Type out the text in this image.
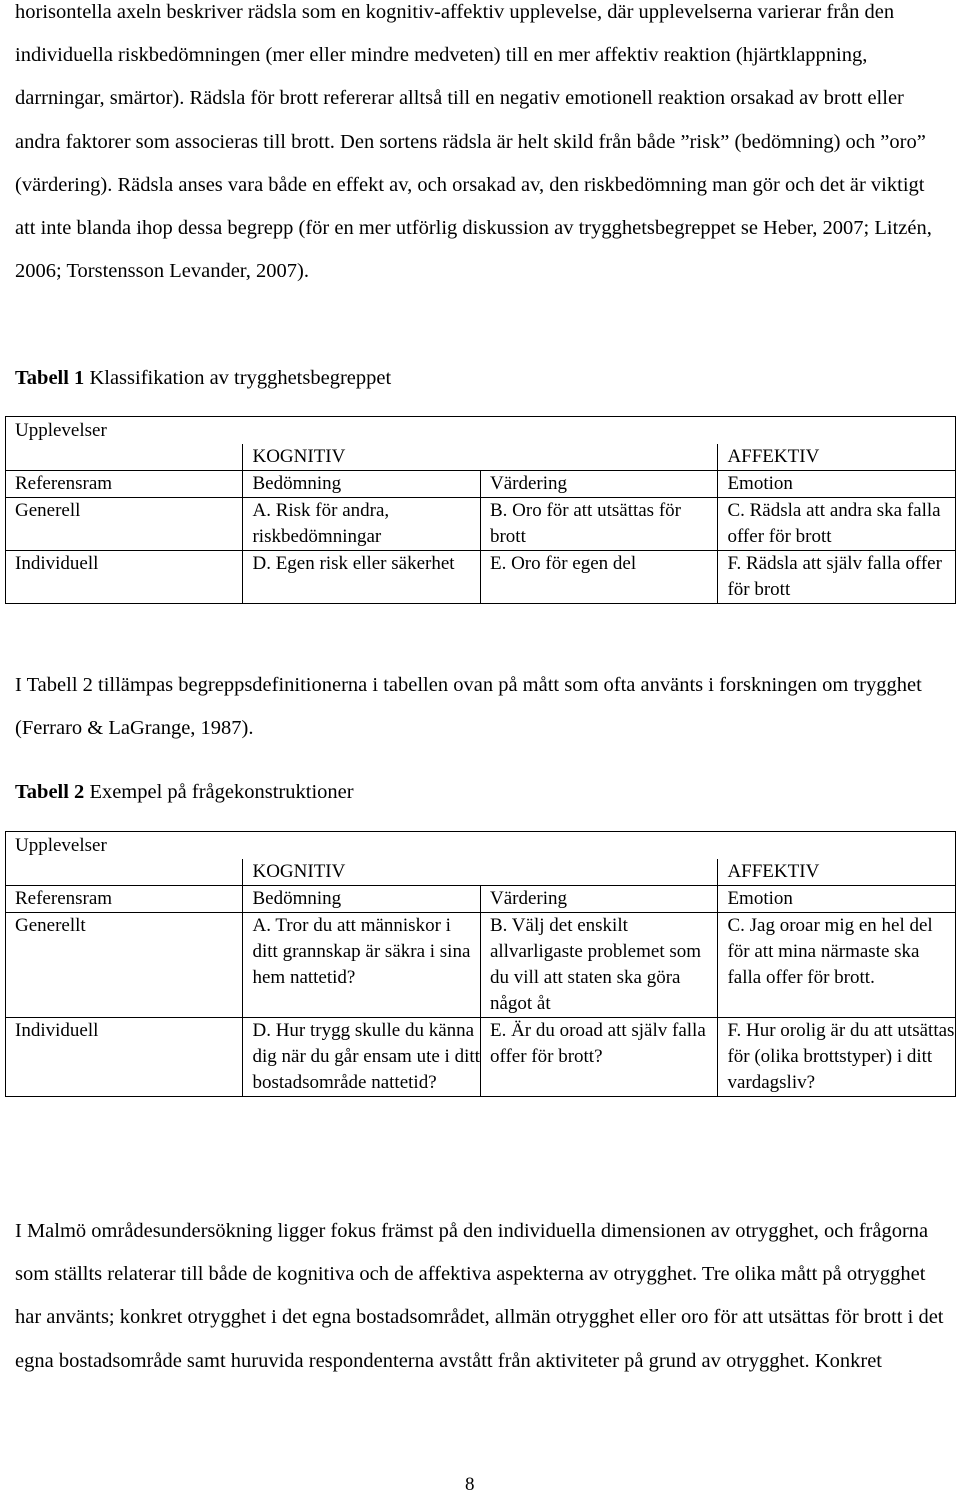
horisontella axeln beskriver rädsla som en kognitiv-affektiv upplevelse, där upplevelserna varierar från den individuella riskbedömningen (mer eller mindre medveten) till en mer affektiv reaktion (hjärtklappning, darrningar, smärtor). Rädsla för brott refererar alltså till en negativ emotionell reaktion orsakad av brott eller andra faktorer som associeras till brott. Den sortens rädsla är helt skild från både ”risk” (bedömning) och ”oro” (värdering). Rädsla anses vara både en effekt av, och orsakad av, den riskbedömning man gör och det är viktigt att inte blanda ihop dessa begrepp (för en mer utförlig diskussion av trygghetsbegreppet se Heber, 2007; Litzén, 2006; Torstensson Levander, 2007).

Tabell 1 Klassifikation av trygghetsbegreppet

Upplevelser			
	KOGNITIV		AFFEKTIV
Referensram	Bedömning	Värdering	Emotion
Generell	A. Risk för andra, riskbedömningar	B. Oro för att utsättas för brott	C. Rädsla att andra ska falla offer för brott
Individuell	D. Egen risk eller säkerhet	E. Oro för egen del	F. Rädsla att själv falla offer för brott

I Tabell 2 tillämpas begreppsdefinitionerna i tabellen ovan på mått som ofta använts i forskningen om trygghet (Ferraro & LaGrange, 1987).

Tabell 2 Exempel på frågekonstruktioner

Upplevelser			
	KOGNITIV		AFFEKTIV
Referensram	Bedömning	Värdering	Emotion
Generellt	A. Tror du att människor i ditt grannskap är säkra i sina hem nattetid?	B. Välj det enskilt allvarligaste problemet som du vill att staten ska göra något åt	C. Jag oroar mig en hel del för att mina närmaste ska falla offer för brott.
Individuell	D. Hur trygg skulle du känna dig när du går ensam ute i ditt bostadsområde nattetid?	E. Är du oroad att själv falla offer för brott?	F. Hur orolig är du att utsättas för (olika brottstyper) i ditt vardagsliv?

I Malmö områdesundersökning ligger fokus främst på den individuella dimensionen av otrygghet, och frågorna som ställts relaterar till både de kognitiva och de affektiva aspekterna av otrygghet. Tre olika mått på otrygghet har använts; konkret otrygghet i det egna bostadsområdet, allmän otrygghet eller oro för att utsättas för brott i det egna bostadsområde samt huruvida respondenterna avstått från aktiviteter på grund av otrygghet. Konkret

8
